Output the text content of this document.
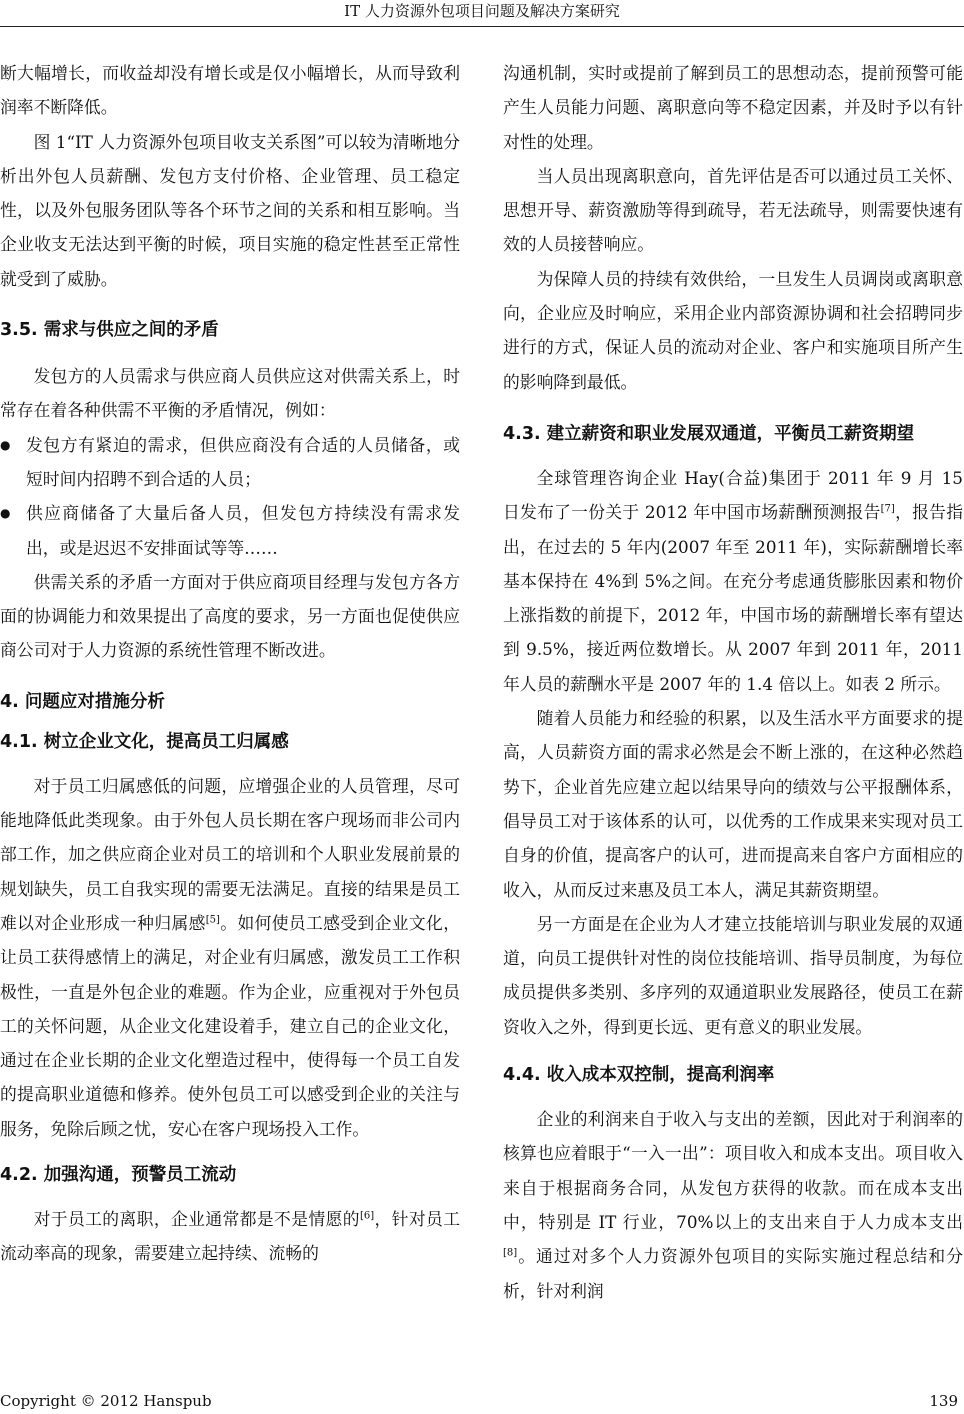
IT 人力资源外包项目问题及解决方案研究

断大幅增长，而收益却没有增长或是仅小幅增长，从而导致利润率不断降低。

图 1“IT 人力资源外包项目收支关系图”可以较为清晰地分析出外包人员薪酬、发包方支付价格、企业管理、员工稳定性，以及外包服务团队等各个环节之间的关系和相互影响。当企业收支无法达到平衡的时候，项目实施的稳定性甚至正常性就受到了威胁。

3.5. 需求与供应之间的矛盾

发包方的人员需求与供应商人员供应这对供需关系上，时常存在着各种供需不平衡的矛盾情况，例如：

● 发包方有紧迫的需求，但供应商没有合适的人员储备，或短时间内招聘不到合适的人员；
● 供应商储备了大量后备人员，但发包方持续没有需求发出，或是迟迟不安排面试等等……

供需关系的矛盾一方面对于供应商项目经理与发包方各方面的协调能力和效果提出了高度的要求，另一方面也促使供应商公司对于人力资源的系统性管理不断改进。

4. 问题应对措施分析
4.1. 树立企业文化，提高员工归属感

对于员工归属感低的问题，应增强企业的人员管理，尽可能地降低此类现象。由于外包人员长期在客户现场而非公司内部工作，加之供应商企业对员工的培训和个人职业发展前景的规划缺失，员工自我实现的需要无法满足。直接的结果是员工难以对企业形成一种归属感[5]。如何使员工感受到企业文化，让员工获得感情上的满足，对企业有归属感，激发员工工作积极性，一直是外包企业的难题。作为企业，应重视对于外包员工的关怀问题，从企业文化建设着手，建立自己的企业文化，通过在企业长期的企业文化塑造过程中，使得每一个员工自发的提高职业道德和修养。使外包员工可以感受到企业的关注与服务，免除后顾之忧，安心在客户现场投入工作。

4.2. 加强沟通，预警员工流动

对于员工的离职，企业通常都是不是情愿的[6]，针对员工流动率高的现象，需要建立起持续、流畅的

沟通机制，实时或提前了解到员工的思想动态，提前预警可能产生人员能力问题、离职意向等不稳定因素，并及时予以有针对性的处理。

当人员出现离职意向，首先评估是否可以通过员工关怀、思想开导、薪资激励等得到疏导，若无法疏导，则需要快速有效的人员接替响应。

为保障人员的持续有效供给，一旦发生人员调岗或离职意向，企业应及时响应，采用企业内部资源协调和社会招聘同步进行的方式，保证人员的流动对企业、客户和实施项目所产生的影响降到最低。

4.3. 建立薪资和职业发展双通道，平衡员工薪资期望

全球管理咨询企业 Hay(合益)集团于 2011 年 9 月 15 日发布了一份关于 2012 年中国市场薪酬预测报告[7]，报告指出，在过去的 5 年内(2007 年至 2011 年)，实际薪酬增长率基本保持在 4%到 5%之间。在充分考虑通货膨胀因素和物价上涨指数的前提下，2012 年，中国市场的薪酬增长率有望达到 9.5%，接近两位数增长。从 2007 年到 2011 年，2011 年人员的薪酬水平是 2007 年的 1.4 倍以上。如表 2 所示。

随着人员能力和经验的积累，以及生活水平方面要求的提高，人员薪资方面的需求必然是会不断上涨的，在这种必然趋势下，企业首先应建立起以结果导向的绩效与公平报酬体系，倡导员工对于该体系的认可，以优秀的工作成果来实现对员工自身的价值，提高客户的认可，进而提高来自客户方面相应的收入，从而反过来惠及员工本人，满足其薪资期望。

另一方面是在企业为人才建立技能培训与职业发展的双通道，向员工提供针对性的岗位技能培训、指导员制度，为每位成员提供多类别、多序列的双通道职业发展路径，使员工在薪资收入之外，得到更长远、更有意义的职业发展。

4.4. 收入成本双控制，提高利润率

企业的利润来自于收入与支出的差额，因此对于利润率的核算也应着眼于“一入一出”：项目收入和成本支出。项目收入来自于根据商务合同，从发包方获得的收款。而在成本支出中，特别是 IT 行业，70%以上的支出来自于人力成本支出[8]。通过对多个人力资源外包项目的实际实施过程总结和分析，针对利润

Copyright © 2012 Hanspub	139
